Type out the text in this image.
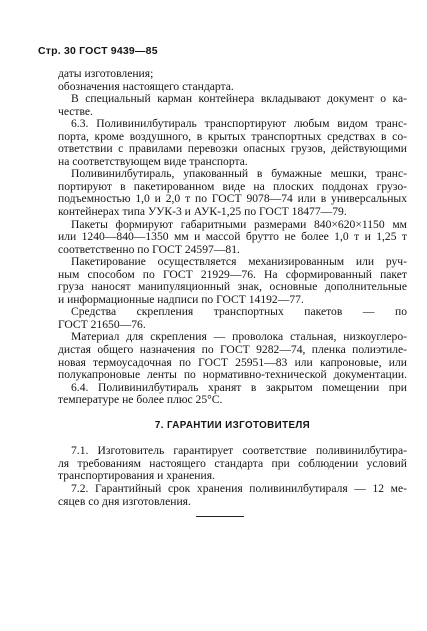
Стр. 30 ГОСТ 9439—85
даты изготовления;
обозначения настоящего стандарта.
В специальный карман контейнера вкладывают документ о ка-
честве.
6.3. Поливинилбутираль транспортируют любым видом транс-
порта, кроме воздушного, в крытых транспортных средствах в со-
ответствии с правилами перевозки опасных грузов, действующими
на соответствующем виде транспорта.
Поливинилбутираль, упакованный в бумажные мешки, транс-
портируют в пакетированном виде на плоских поддонах грузо-
подъемностью 1,0 и 2,0 т по ГОСТ 9078—74 или в универсальных
контейнерах типа УУК-3 и АУК-1,25 по ГОСТ 18477—79.
Пакеты формируют габаритными размерами 840×620×1150 мм
или 1240—840—1350 мм и массой брутто не более 1,0 т и 1,25 т
соответственно по ГОСТ 24597—81.
Пакетирование осуществляется механизированным или руч-
ным способом по ГОСТ 21929—76. На сформированный пакет
груза наносят манипуляционный знак, основные дополнительные
и информационные надписи по ГОСТ 14192—77.
Средства скрепления транспортных пакетов — по
ГОСТ 21650—76.
Материал для скрепления — проволока стальная, низкоуглеро-
дистая общего назначения по ГОСТ 9282—74, пленка полиэтиле-
новая термоусадочная по ГОСТ 25951—83 или капроновые, или
полукапроновые ленты по нормативно-технической документации.
6.4. Поливинилбутираль хранят в закрытом помещении при
температуре не более плюс 25°С.
7. ГАРАНТИИ ИЗГОТОВИТЕЛЯ
7.1. Изготовитель гарантирует соответствие поливинилбутира-
ля требованиям настоящего стандарта при соблюдении условий
транспортирования и хранения.
7.2. Гарантийный срок хранения поливинилбутираля — 12 ме-
сяцев со дня изготовления.
